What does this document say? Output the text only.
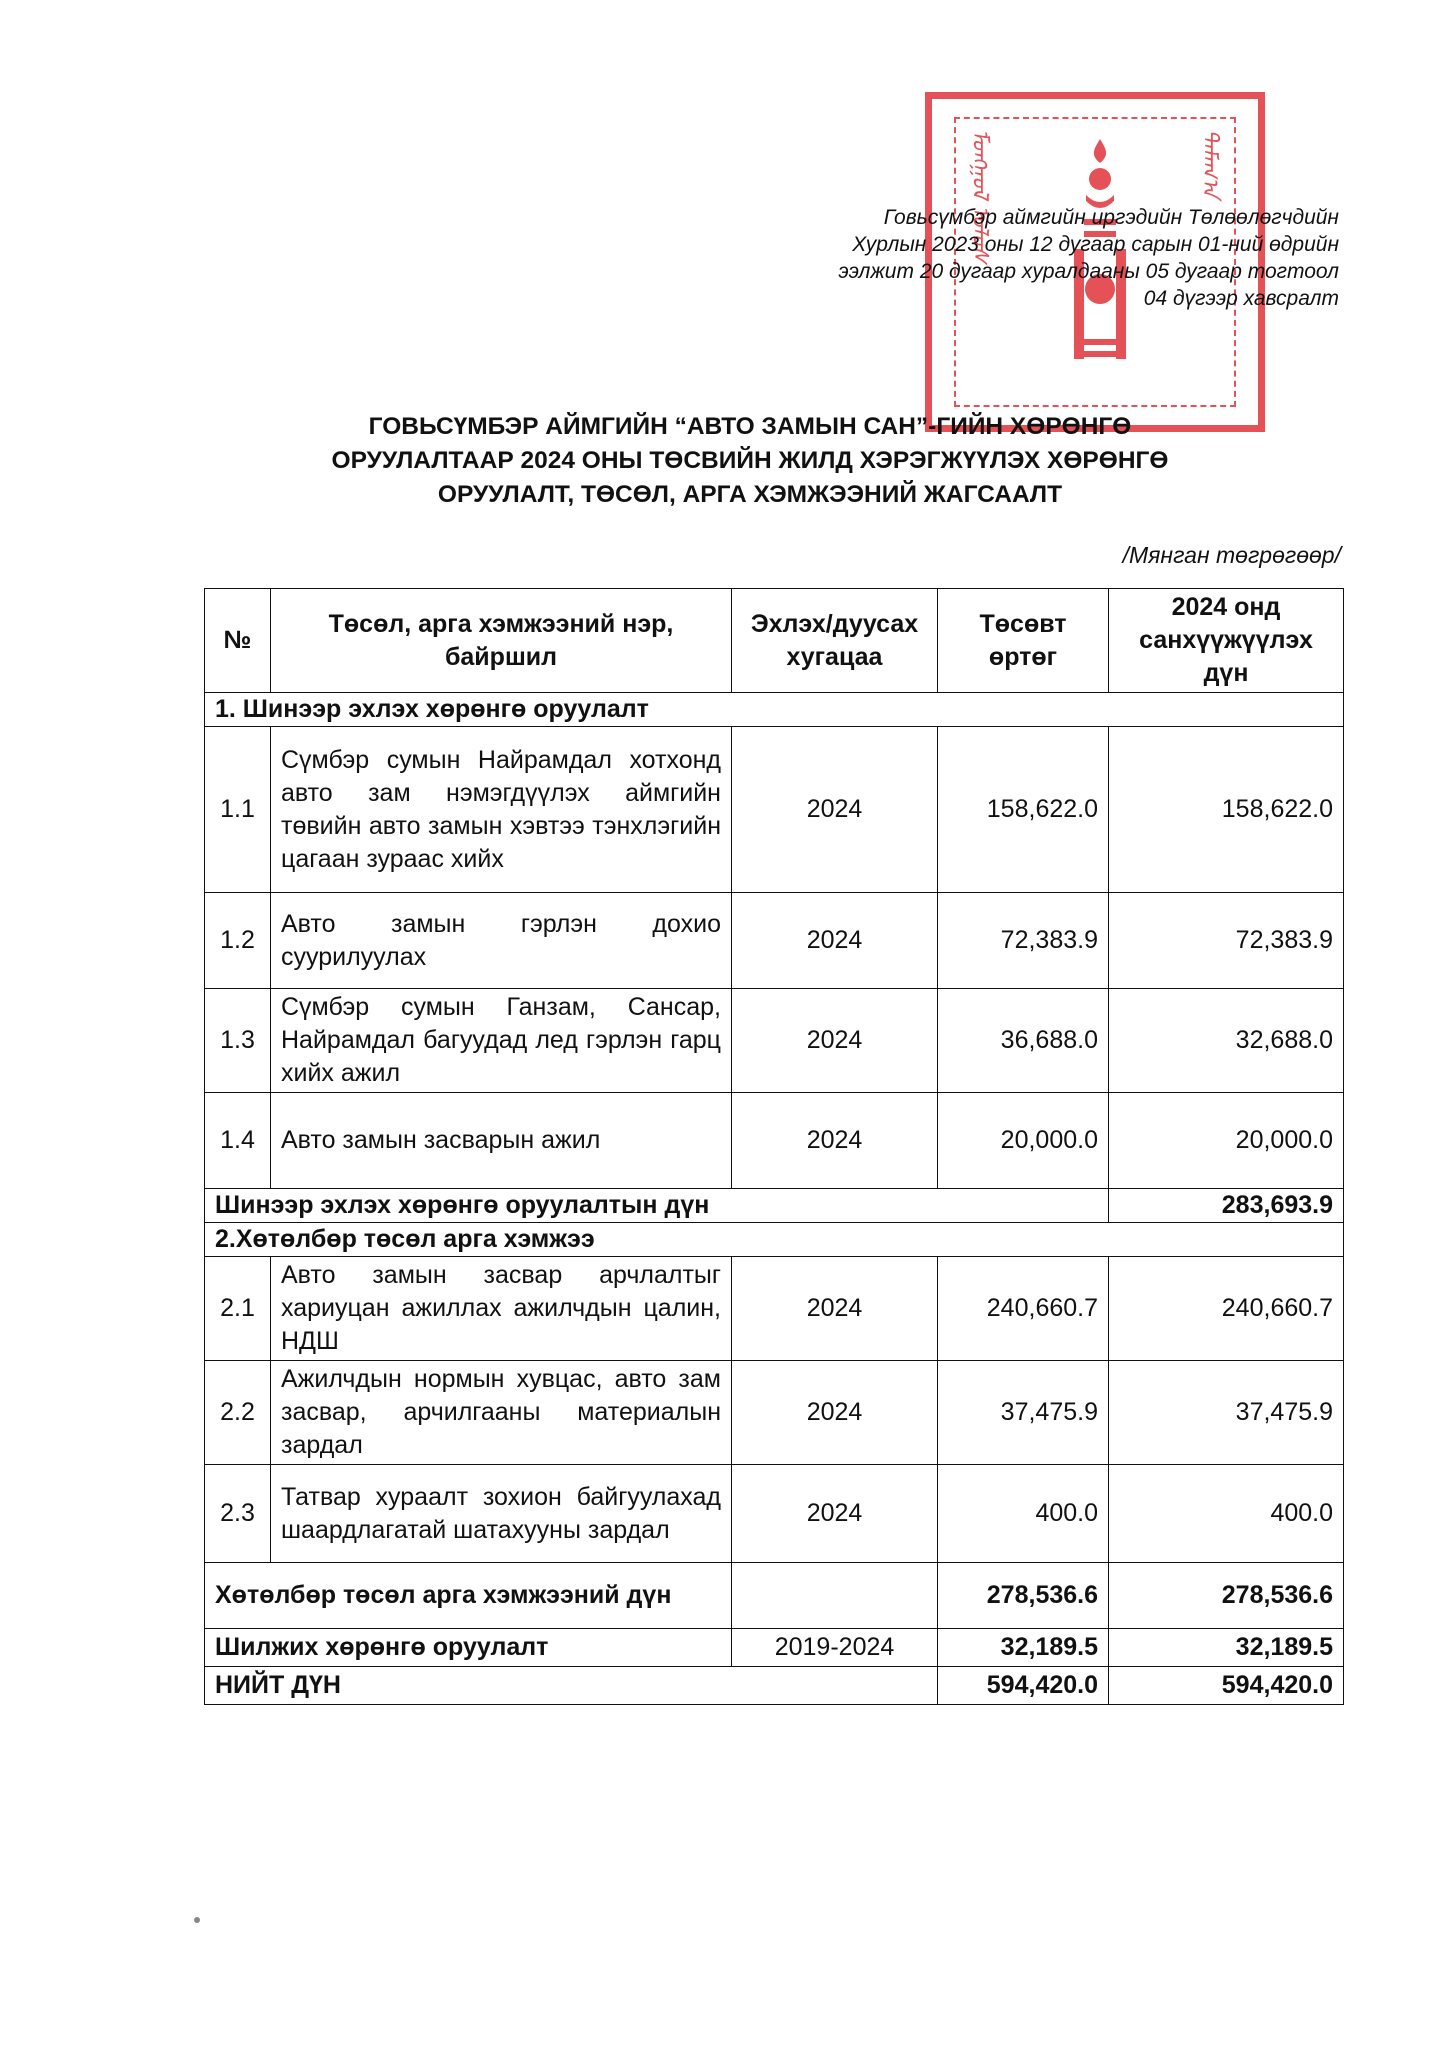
ᠮᠣᠩᠭᠣᠯ ᠤᠯᠤᠰ	ᠲᠠᠮᠠᠭ᠎ᠠ
Говьсүмбэр аймгийн иргэдийн Төлөөлөгчдийн
Хурлын 2023 оны 12 дугаар сарын 01-ний өдрийн
ээлжит 20 дугаар хуралдааны 05 дугаар тогтоол
04 дүгээр хавсралт
ГОВЬСҮМБЭР АЙМГИЙН “АВТО ЗАМЫН САН”-ГИЙН ХӨРӨНГӨ
ОРУУЛАЛТААР 2024 ОНЫ ТӨСВИЙН ЖИЛД ХЭРЭГЖҮҮЛЭХ ХӨРӨНГӨ
ОРУУЛАЛТ, ТӨСӨЛ, АРГА ХЭМЖЭЭНИЙ ЖАГСААЛТ
/Мянган төгрөгөөр/
№	Төсөл, арга хэмжээний нэр, байршил	Эхлэх/дуусах хугацаа	Төсөвт өртөг	2024 онд санхүүжүүлэх дүн
1. Шинээр эхлэх хөрөнгө оруулалт				
1.1	Сүмбэр сумын Найрамдал хотхонд авто зам нэмэгдүүлэх аймгийн төвийн авто замын хэвтээ тэнхлэгийн цагаан зураас хийх	2024	158,622.0	158,622.0
1.2	Авто замын гэрлэн дохио суурилуулах	2024	72,383.9	72,383.9
1.3	Сүмбэр сумын Ганзам, Сансар, Найрамдал багуудад лед гэрлэн гарц хийх ажил	2024	36,688.0	32,688.0
1.4	Авто замын засварын ажил	2024	20,000.0	20,000.0
Шинээр эхлэх хөрөнгө оруулалтын дүн				283,693.9
2.Хөтөлбөр төсөл арга хэмжээ				
2.1	Авто замын засвар арчлалтыг хариуцан ажиллах ажилчдын цалин, НДШ	2024	240,660.7	240,660.7
2.2	Ажилчдын нормын хувцас, авто зам засвар, арчилгааны материалын зардал	2024	37,475.9	37,475.9
2.3	Татвар хураалт зохион байгуулахад шаардлагатай шатахууны зардал	2024	400.0	400.0
Хөтөлбөр төсөл арга хэмжээний дүн			278,536.6	278,536.6
Шилжих хөрөнгө оруулалт		2019-2024	32,189.5	32,189.5
НИЙТ ДҮН			594,420.0	594,420.0
